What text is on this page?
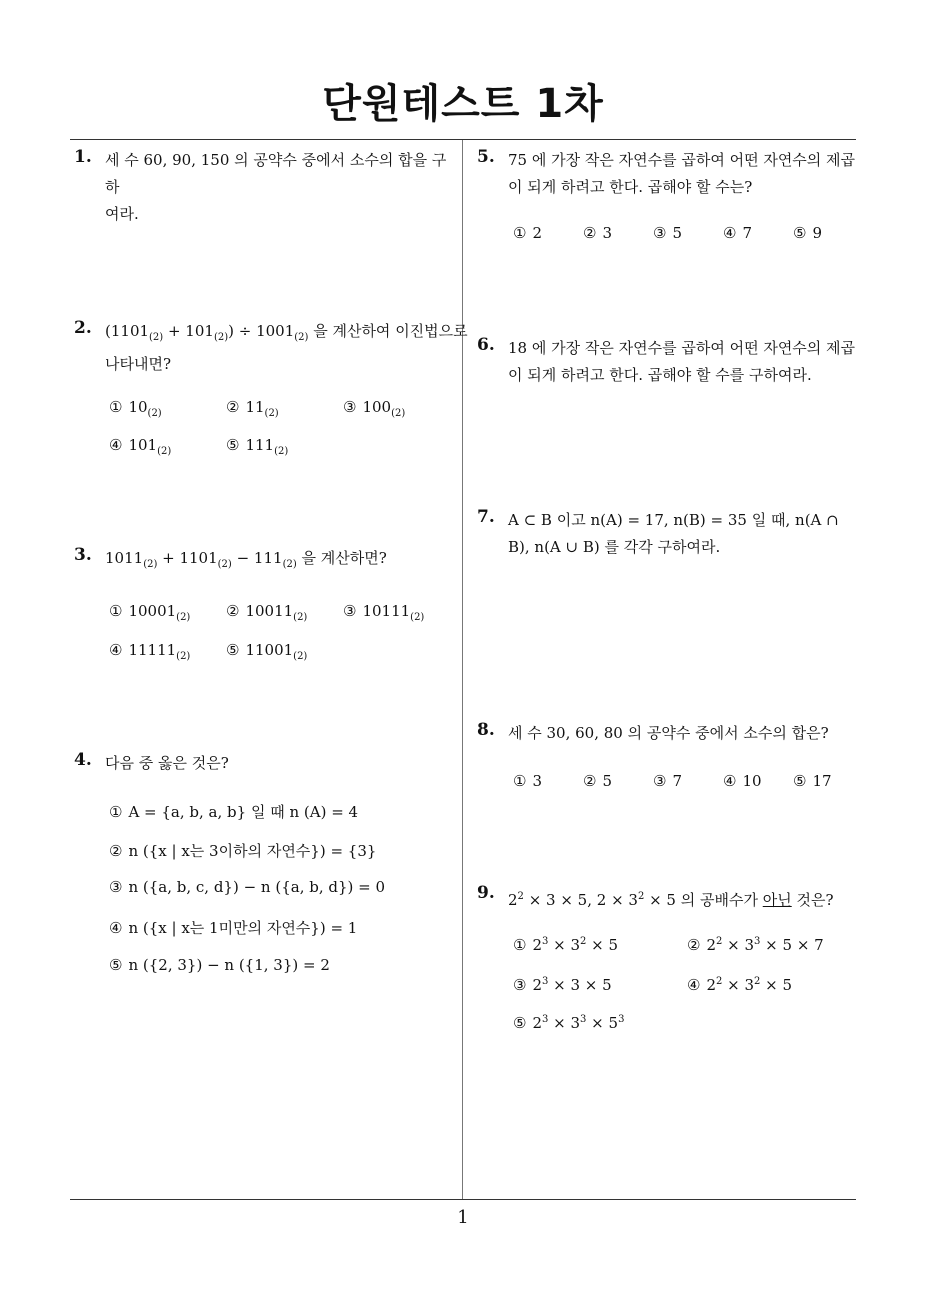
단원테스트 1차
1
1. 세 수 60, 90, 150 의 공약수 중에서 소수의 합을 구하
여라.
2. $(1101_{(2)} + 101_{(2)}) \div 1001_{(2)}$ 을 계산하여 이진법으로
나타내면?
① $10_{(2)}$	② $11_{(2)}$	③ $100_{(2)}$
④ $101_{(2)}$	⑤ $111_{(2)}$
3. $1011_{(2)} + 1101_{(2)} - 111_{(2)}$ 을 계산하면?
① $10001_{(2)}$ ② $10011_{(2)}$ ③ $10111_{(2)}$
④ $11111_{(2)}$ ⑤ $11001_{(2)}$
4. 다음 중 옳은 것은?
① A = {a, b, a, b} 일 때 n (A) = 4
② n ({x | x는 3이하의 자연수}) = {3}
③ n ({a, b, c, d}) − n ({a, b, d}) = 0
④ n ({x | x는 1미만의 자연수}) = 1
⑤ n ({2, 3}) − n ({1, 3}) = 2
5. 75 에 가장 작은 자연수를 곱하여 어떤 자연수의 제곱
이 되게 하려고 한다. 곱해야 할 수는?
① 2	② 3	③ 5	④ 7	⑤ 9
6. 18 에 가장 작은 자연수를 곱하여 어떤 자연수의 제곱
이 되게 하려고 한다. 곱해야 할 수를 구하여라.
7. A ⊂ B 이고 n(A) = 17, n(B) = 35 일 때, n(A ∩
B), n(A ∪ B) 를 각각 구하여라.
8. 세 수 30, 60, 80 의 공약수 중에서 소수의 합은?
① 3	② 5	③ 7	④ 10 ⑤ 17
9. $2^2 \times 3 \times 5$, $2 \times 3^2 \times 5$ 의 공배수가 아닌 것은?
① $2^3 \times 3^2 \times 5$	② $2^2 \times 3^3 \times 5 \times 7$
③ $2^3 \times 3 \times 5$	④ $2^2 \times 3^2 \times 5$
⑤ $2^3 \times 3^3 \times 5^3$
